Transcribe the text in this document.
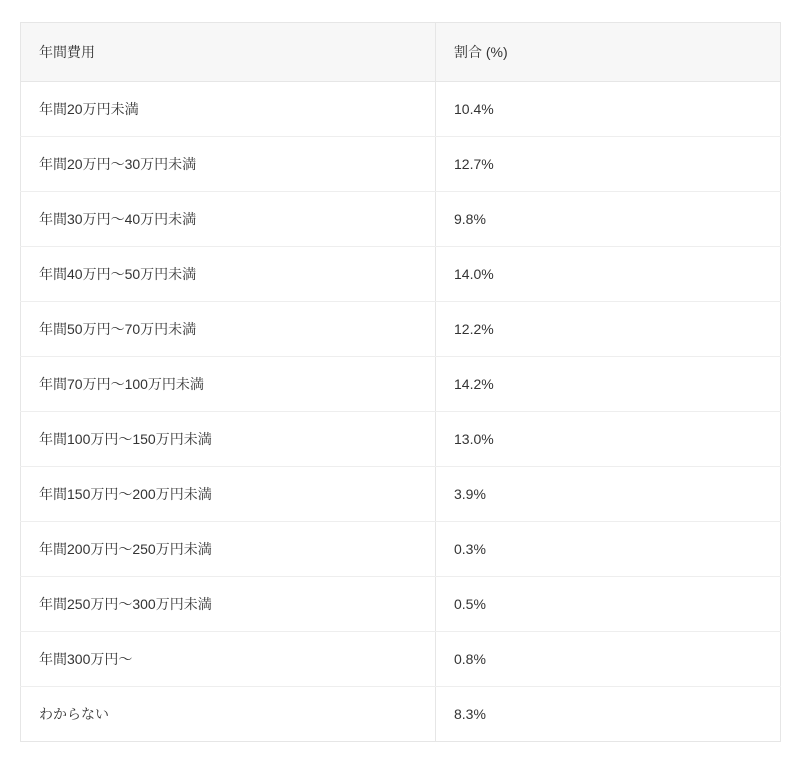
年間費用	割合 (%)
年間20万円未満	10.4%
年間20万円〜30万円未満	12.7%
年間30万円〜40万円未満	9.8%
年間40万円〜50万円未満	14.0%
年間50万円〜70万円未満	12.2%
年間70万円〜100万円未満	14.2%
年間100万円〜150万円未満	13.0%
年間150万円〜200万円未満	3.9%
年間200万円〜250万円未満	0.3%
年間250万円〜300万円未満	0.5%
年間300万円〜	0.8%
わからない	8.3%
